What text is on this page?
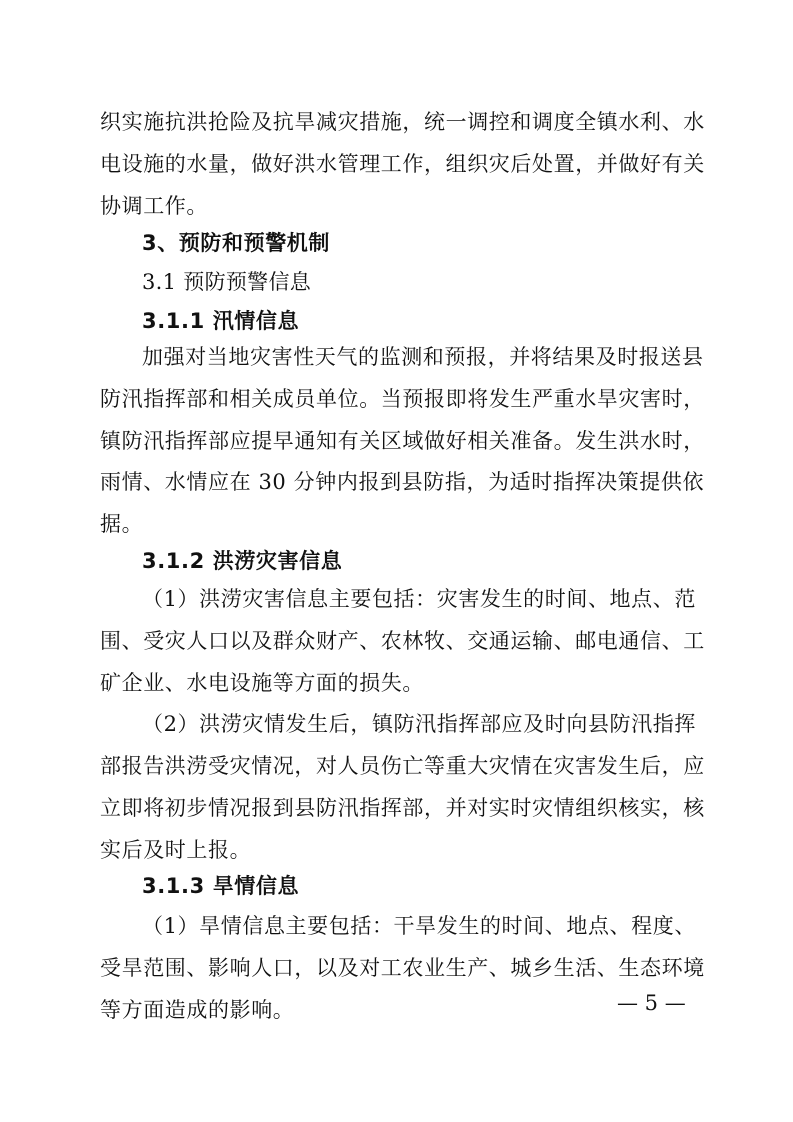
织实施抗洪抢险及抗旱减灾措施，统一调控和调度全镇水利、水
电设施的水量，做好洪水管理工作，组织灾后处置，并做好有关
协调工作。
3、预防和预警机制
3.1 预防预警信息
3.1.1 汛情信息
加强对当地灾害性天气的监测和预报，并将结果及时报送县
防汛指挥部和相关成员单位。当预报即将发生严重水旱灾害时，
镇防汛指挥部应提早通知有关区域做好相关准备。发生洪水时，
雨情、水情应在 30 分钟内报到县防指，为适时指挥决策提供依
据。
3.1.2 洪涝灾害信息
（1）洪涝灾害信息主要包括：灾害发生的时间、地点、范
围、受灾人口以及群众财产、农林牧、交通运输、邮电通信、工
矿企业、水电设施等方面的损失。
（2）洪涝灾情发生后，镇防汛指挥部应及时向县防汛指挥
部报告洪涝受灾情况，对人员伤亡等重大灾情在灾害发生后，应
立即将初步情况报到县防汛指挥部，并对实时灾情组织核实，核
实后及时上报。
3.1.3 旱情信息
（1）旱情信息主要包括：干旱发生的时间、地点、程度、
受旱范围、影响人口，以及对工农业生产、城乡生活、生态环境
等方面造成的影响。	— 5 —
